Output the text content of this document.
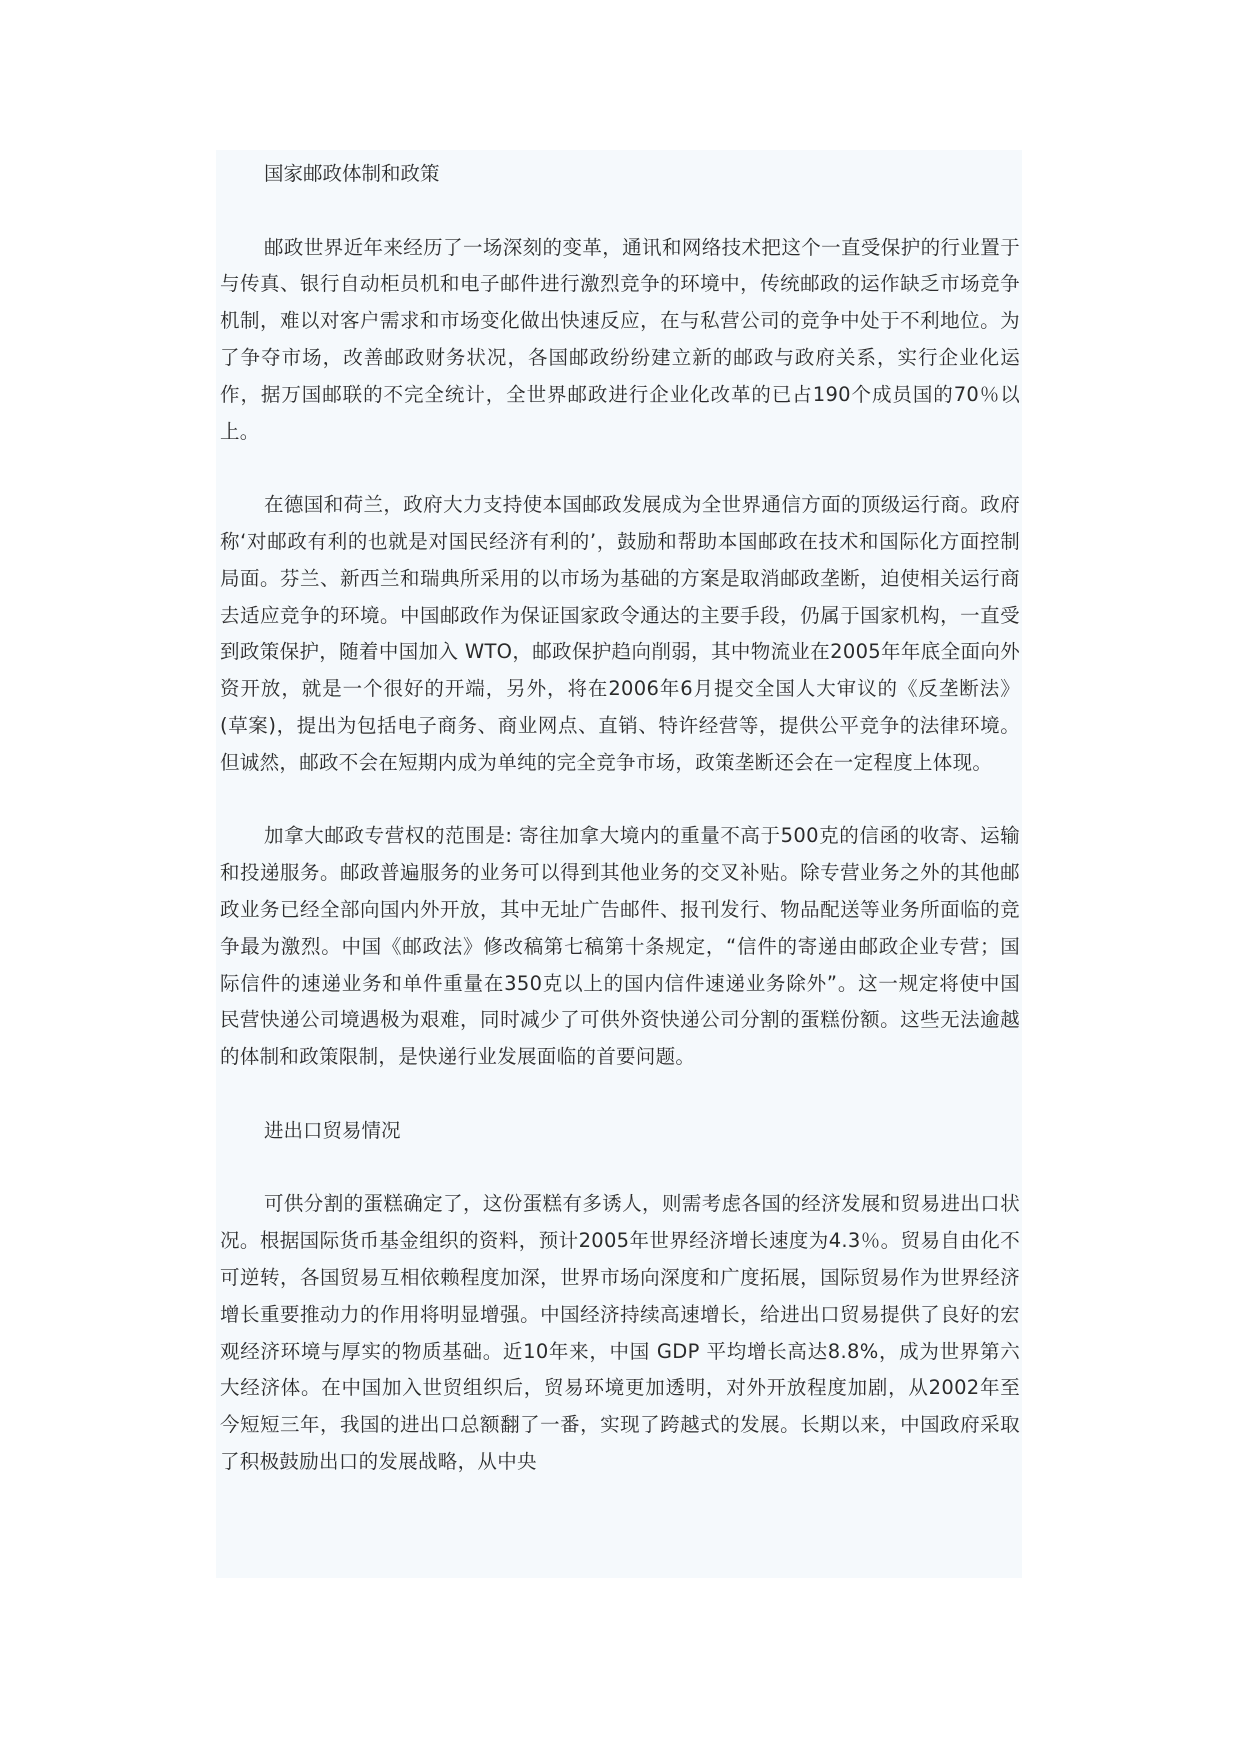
国家邮政体制和政策

邮政世界近年来经历了一场深刻的变革，通讯和网络技术把这个一直受保护的行业置于与传真、银行自动柜员机和电子邮件进行激烈竞争的环境中，传统邮政的运作缺乏市场竞争机制，难以对客户需求和市场变化做出快速反应，在与私营公司的竞争中处于不利地位。为了争夺市场，改善邮政财务状况，各国邮政纷纷建立新的邮政与政府关系，实行企业化运作，据万国邮联的不完全统计，全世界邮政进行企业化改革的已占190个成员国的70％以上。

在德国和荷兰，政府大力支持使本国邮政发展成为全世界通信方面的顶级运行商。政府称‘对邮政有利的也就是对国民经济有利的’，鼓励和帮助本国邮政在技术和国际化方面控制局面。芬兰、新西兰和瑞典所采用的以市场为基础的方案是取消邮政垄断，迫使相关运行商去适应竞争的环境。中国邮政作为保证国家政令通达的主要手段，仍属于国家机构，一直受到政策保护，随着中国加入 WTO，邮政保护趋向削弱，其中物流业在2005年年底全面向外资开放，就是一个很好的开端，另外，将在2006年6月提交全国人大审议的《反垄断法》(草案)，提出为包括电子商务、商业网点、直销、特许经营等，提供公平竞争的法律环境。但诚然，邮政不会在短期内成为单纯的完全竞争市场，政策垄断还会在一定程度上体现。

加拿大邮政专营权的范围是: 寄往加拿大境内的重量不高于500克的信函的收寄、运输和投递服务。邮政普遍服务的业务可以得到其他业务的交叉补贴。除专营业务之外的其他邮政业务已经全部向国内外开放，其中无址广告邮件、报刊发行、物品配送等业务所面临的竞争最为激烈。中国《邮政法》修改稿第七稿第十条规定，“信件的寄递由邮政企业专营；国际信件的速递业务和单件重量在350克以上的国内信件速递业务除外”。这一规定将使中国民营快递公司境遇极为艰难，同时减少了可供外资快递公司分割的蛋糕份额。这些无法逾越的体制和政策限制，是快递行业发展面临的首要问题。

进出口贸易情况

可供分割的蛋糕确定了，这份蛋糕有多诱人，则需考虑各国的经济发展和贸易进出口状况。根据国际货币基金组织的资料，预计2005年世界经济增长速度为4.3％。贸易自由化不可逆转，各国贸易互相依赖程度加深，世界市场向深度和广度拓展，国际贸易作为世界经济增长重要推动力的作用将明显增强。中国经济持续高速增长，给进出口贸易提供了良好的宏观经济环境与厚实的物质基础。近10年来，中国 GDP 平均增长高达8.8%，成为世界第六大经济体。在中国加入世贸组织后，贸易环境更加透明，对外开放程度加剧，从2002年至今短短三年，我国的进出口总额翻了一番，实现了跨越式的发展。长期以来，中国政府采取了积极鼓励出口的发展战略，从中央
